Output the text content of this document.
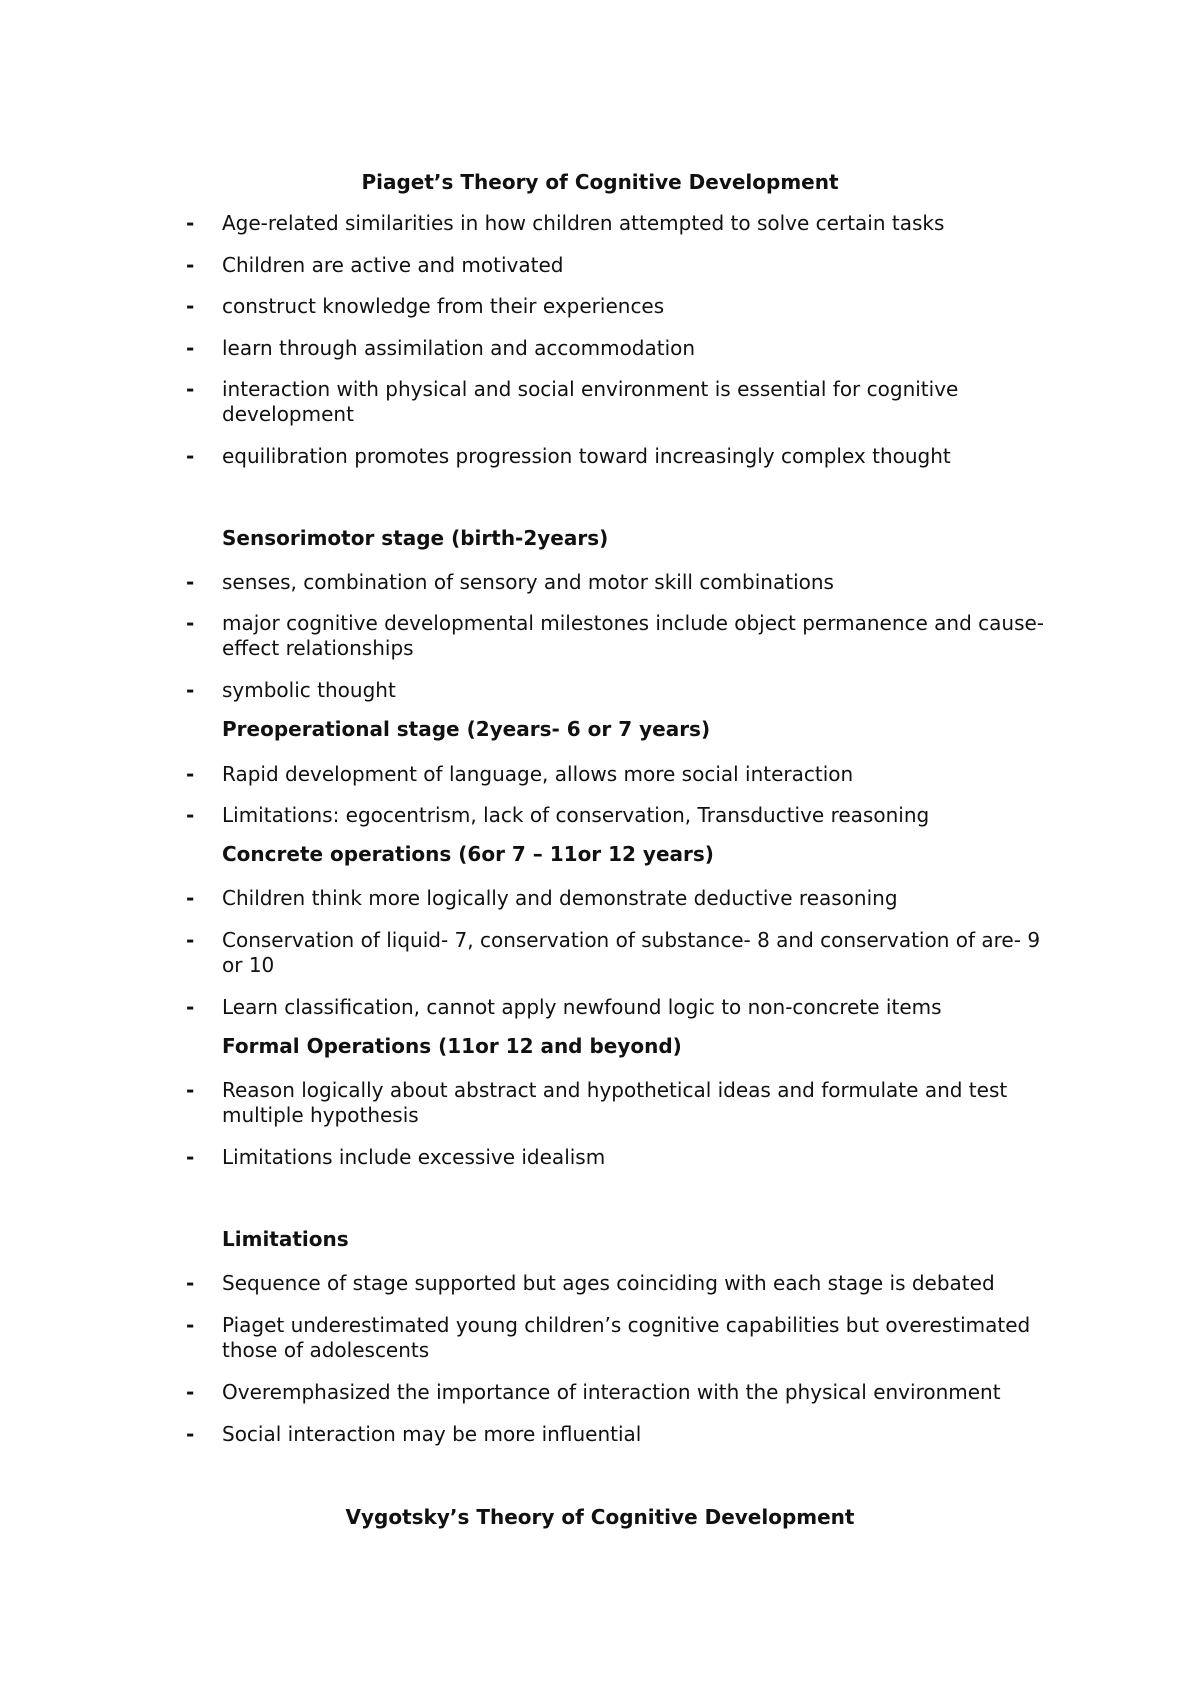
Piaget’s Theory of Cognitive Development
-	Age-related similarities in how children attempted to solve certain tasks
-	Children are active and motivated
-	construct knowledge from their experiences
-	learn through assimilation and accommodation
-	interaction with physical and social environment is essential for cognitive development
-	equilibration promotes progression toward increasingly complex thought
Sensorimotor stage (birth-2years)
-	senses, combination of sensory and motor skill combinations
-	major cognitive developmental milestones include object permanence and cause-effect relationships
-	symbolic thought
Preoperational stage (2years- 6 or 7 years)
-	Rapid development of language, allows more social interaction
-	Limitations: egocentrism, lack of conservation, Transductive reasoning
Concrete operations (6or 7 – 11or 12 years)
-	Children think more logically and demonstrate deductive reasoning
-	Conservation of liquid- 7, conservation of substance- 8 and conservation of are- 9 or 10
-	Learn classification, cannot apply newfound logic to non-concrete items
Formal Operations (11or 12 and beyond)
-	Reason logically about abstract and hypothetical ideas and formulate and test multiple hypothesis
-	Limitations include excessive idealism
Limitations
-	Sequence of stage supported but ages coinciding with each stage is debated
-	Piaget underestimated young children’s cognitive capabilities but overestimated those of adolescents
-	Overemphasized the importance of interaction with the physical environment
-	Social interaction may be more influential
Vygotsky’s Theory of Cognitive Development
